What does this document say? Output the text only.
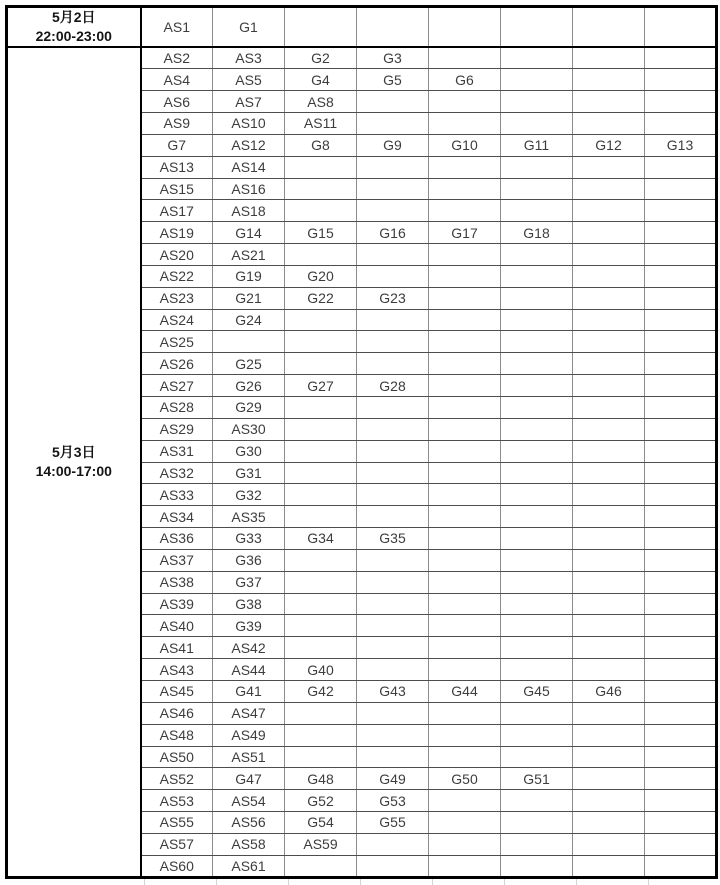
5月2日
22:00-23:00	AS1	G1						

5月3日
14:00-17:00	AS2	AS3	G2	G3				
	AS4	AS5	G4	G5	G6			
	AS6	AS7	AS8					
	AS9	AS10	AS11					
	G7	AS12	G8	G9	G10	G11	G12	G13
	AS13	AS14						
	AS15	AS16						
	AS17	AS18						
	AS19	G14	G15	G16	G17	G18		
	AS20	AS21						
	AS22	G19	G20					
	AS23	G21	G22	G23				
	AS24	G24						
	AS25							
	AS26	G25						
	AS27	G26	G27	G28				
	AS28	G29						
	AS29	AS30						
	AS31	G30						
	AS32	G31						
	AS33	G32						
	AS34	AS35						
	AS36	G33	G34	G35				
	AS37	G36						
	AS38	G37						
	AS39	G38						
	AS40	G39						
	AS41	AS42						
	AS43	AS44	G40					
	AS45	G41	G42	G43	G44	G45	G46	
	AS46	AS47						
	AS48	AS49						
	AS50	AS51						
	AS52	G47	G48	G49	G50	G51		
	AS53	AS54	G52	G53				
	AS55	AS56	G54	G55				
	AS57	AS58	AS59					
	AS60	AS61						
